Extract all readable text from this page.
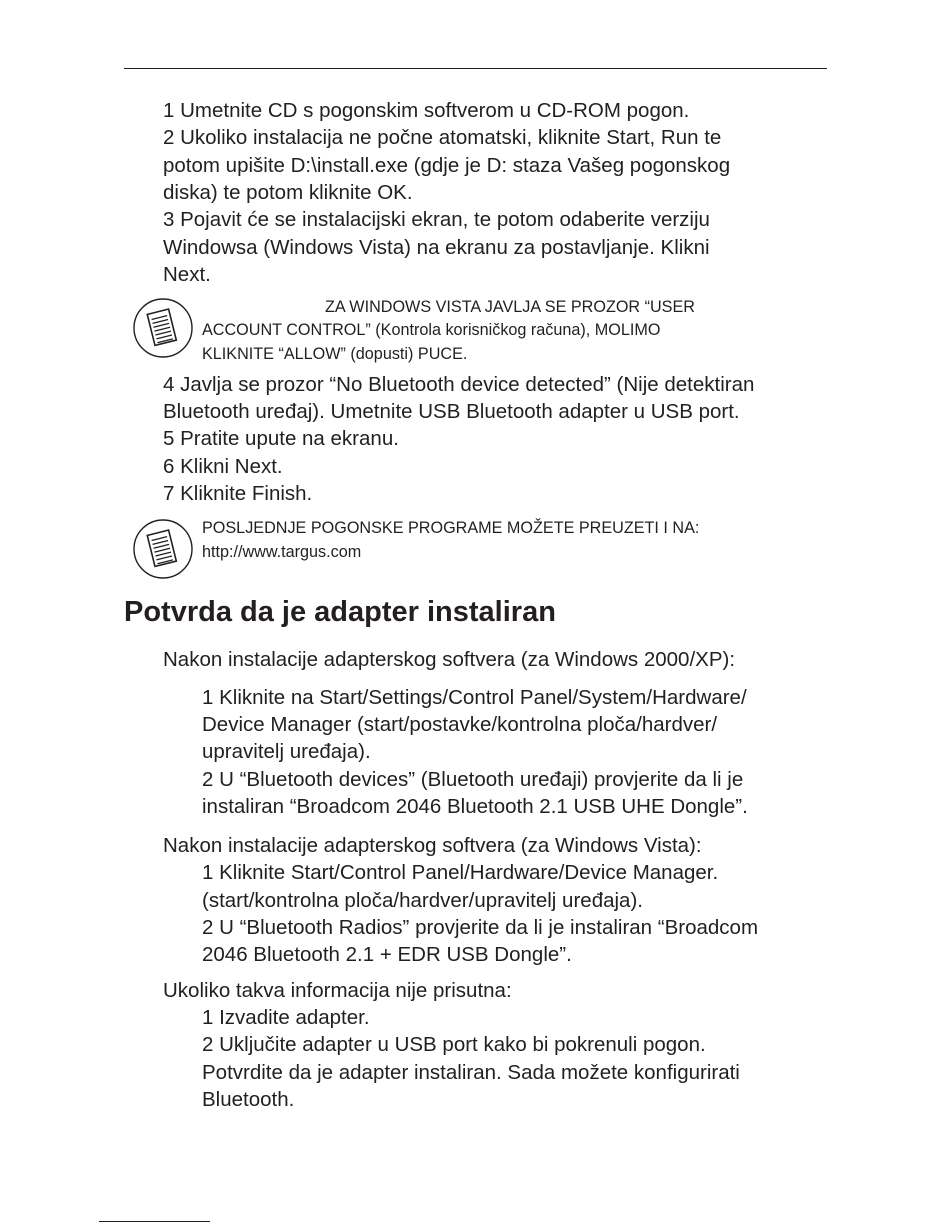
1 Umetnite CD s pogonskim softverom u CD-ROM pogon.
2 Ukoliko instalacija ne počne atomatski, kliknite Start, Run te
potom upišite D:\install.exe (gdje je D: staza Vašeg pogonskog
diska) te potom kliknite OK.
3 Pojavit će se instalacijski ekran, te potom odaberite verziju
Windowsa (Windows Vista) na ekranu za postavljanje. Klikni
Next.
ZA WINDOWS VISTA JAVLJA SE PROZOR “USER
ACCOUNT CONTROL” (Kontrola korisničkog računa), MOLIMO
KLIKNITE “ALLOW” (dopusti) PUCE.
4 Javlja se prozor “No Bluetooth device detected” (Nije detektiran
Bluetooth uređaj). Umetnite USB Bluetooth adapter u USB port.
5 Pratite upute na ekranu.
6 Klikni Next.
7 Kliknite Finish.
POSLJEDNJE POGONSKE PROGRAME MOŽETE PREUZETI I NA:
http://www.targus.com
Potvrda da je adapter instaliran
Nakon instalacije adapterskog softvera (za Windows 2000/XP):
1 Kliknite na Start/Settings/Control Panel/System/Hardware/
Device Manager (start/postavke/kontrolna ploča/hardver/
upravitelj uređaja).
2 U “Bluetooth devices” (Bluetooth uređaji) provjerite da li je
instaliran “Broadcom 2046 Bluetooth 2.1 USB UHE Dongle”.
Nakon instalacije adapterskog softvera (za Windows Vista):
1 Kliknite Start/Control Panel/Hardware/Device Manager.
(start/kontrolna ploča/hardver/upravitelj uređaja).
2 U “Bluetooth Radios” provjerite da li je instaliran “Broadcom
2046 Bluetooth 2.1 + EDR USB Dongle”.
Ukoliko takva informacija nije prisutna:
1 Izvadite adapter.
2 Uključite adapter u USB port kako bi pokrenuli pogon.
Potvrdite da je adapter instaliran. Sada možete konfigurirati
Bluetooth.
